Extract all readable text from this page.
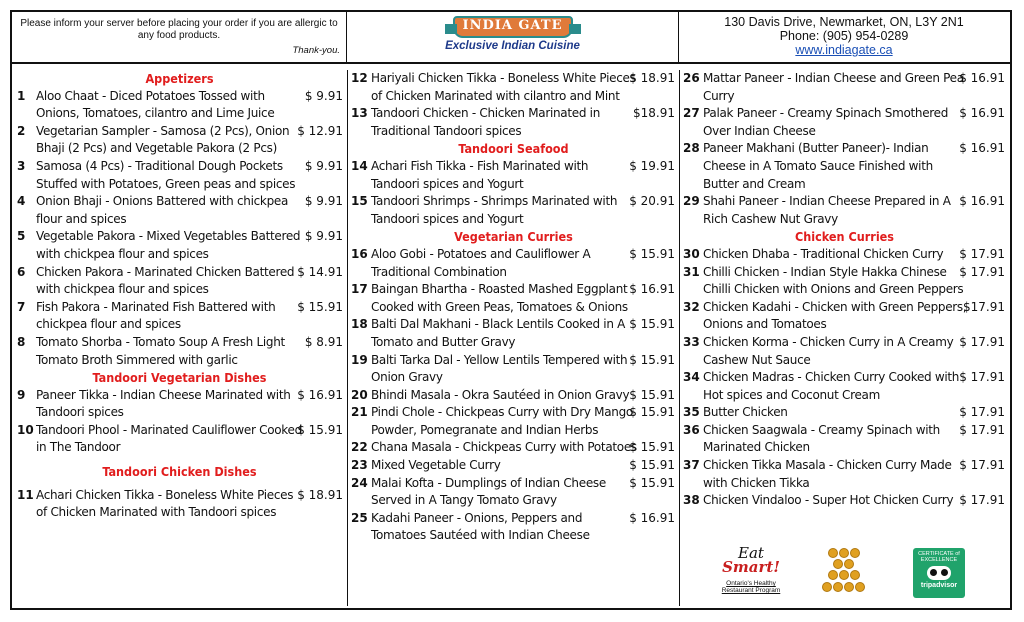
Please inform your server before placing your order if you are allergic to any food products.
Thank-you.
INDIA GATE
Exclusive Indian Cuisine
130 Davis Drive, Newmarket, ON, L3Y 2N1
Phone: (905) 954-0289
www.indiagate.ca
Appetizers
1 Aloo Chaat - Diced Potatoes Tossed with Onions, Tomatoes, cilantro and Lime Juice
$ 9.91
2 Vegetarian Sampler - Samosa (2 Pcs), Onion Bhaji (2 Pcs) and Vegetable Pakora (2 Pcs)
$ 12.91
3 Samosa (4 Pcs) - Traditional Dough Pockets Stuffed with Potatoes, Green peas and spices
$ 9.91
4 Onion Bhaji - Onions Battered with chickpea flour and spices
$ 9.91
5 Vegetable Pakora - Mixed Vegetables Battered with chickpea flour and spices
$ 9.91
6 Chicken Pakora - Marinated Chicken Battered with chickpea flour and spices
$ 14.91
7 Fish Pakora - Marinated Fish Battered with chickpea flour and spices
$ 15.91
8 Tomato Shorba - Tomato Soup A Fresh Light Tomato Broth Simmered with garlic
$ 8.91
Tandoori Vegetarian Dishes
9 Paneer Tikka - Indian Cheese Marinated with Tandoori spices
$ 16.91
10 Tandoori Phool - Marinated Cauliflower Cooked in The Tandoor
$ 15.91
Tandoori Chicken Dishes
11 Achari Chicken Tikka - Boneless White Pieces of Chicken Marinated with Tandoori spices
$ 18.91
12 Hariyali Chicken Tikka - Boneless White Pieces of Chicken Marinated with cilantro and Mint
$ 18.91
13 Tandoori Chicken - Chicken Marinated in Traditional Tandoori spices
$18.91
Tandoori Seafood
14 Achari Fish Tikka - Fish Marinated with Tandoori spices and Yogurt
$ 19.91
15 Tandoori Shrimps - Shrimps Marinated with Tandoori spices and Yogurt
$ 20.91
Vegetarian Curries
16 Aloo Gobi - Potatoes and Cauliflower A Traditional Combination
$ 15.91
17 Baingan Bhartha - Roasted Mashed Eggplant Cooked with Green Peas, Tomatoes & Onions
$ 16.91
18 Balti Dal Makhani - Black Lentils Cooked in A Tomato and Butter Gravy
$ 15.91
19 Balti Tarka Dal - Yellow Lentils Tempered with Onion Gravy
$ 15.91
20 Bhindi Masala - Okra Sautéed in Onion Gravy $ 15.91
21 Pindi Chole - Chickpeas Curry with Dry Mango Powder, Pomegranate and Indian Herbs
$ 15.91
22 Chana Masala - Chickpeas Curry with Potatoes
$ 15.91
23 Mixed Vegetable Curry	$ 15.91
24 Malai Kofta - Dumplings of Indian Cheese Served in A Tangy Tomato Gravy
$ 15.91
25 Kadahi Paneer - Onions, Peppers and Tomatoes Sautéed with Indian Cheese
$ 16.91
26 Mattar Paneer - Indian Cheese and Green Pea Curry
$ 16.91
27 Palak Paneer - Creamy Spinach Smothered Over Indian Cheese
$ 16.91
28 Paneer Makhani (Butter Paneer)- Indian Cheese in A Tomato Sauce Finished with Butter and Cream
$ 16.91
29 Shahi Paneer - Indian Cheese Prepared in A Rich Cashew Nut Gravy
$ 16.91
Chicken Curries
30 Chicken Dhaba - Traditional Chicken Curry	$ 17.91
31 Chilli Chicken - Indian Style Hakka Chinese Chilli Chicken with Onions and Green Peppers
$ 17.91
32 Chicken Kadahi - Chicken with Green Peppers, Onions and Tomatoes
$17.91
33 Chicken Korma - Chicken Curry in A Creamy Cashew Nut Sauce
$ 17.91
34 Chicken Madras - Chicken Curry Cooked with Hot spices and Coconut Cream
$ 17.91
35 Butter Chicken	$ 17.91
36 Chicken Saagwala - Creamy Spinach with Marinated Chicken
$ 17.91
37 Chicken Tikka Masala - Chicken Curry Made with Chicken Tikka
$ 17.91
38 Chicken Vindaloo - Super Hot Chicken Curry $ 17.91
Eat
Smart!
Ontario's Healthy Restaurant Program
CERTIFICATE of EXCELLENCE
tripadvisor
